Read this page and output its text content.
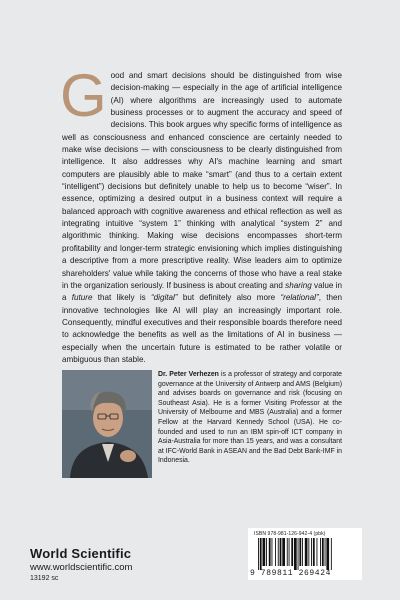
Good and smart decisions should be distinguished from wise decision-making — especially in the age of artificial intelligence (AI) where algorithms are increasingly used to automate business processes or to augment the accuracy and speed of decisions. This book argues why specific forms of intelligence as well as consciousness and enhanced conscience are certainly needed to make wise decisions — with consciousness to be clearly distinguished from intelligence. It also addresses why AI's machine learning and smart computers are plausibly able to make “smart” (and thus to a certain extent “intelligent”) decisions but definitely unable to help us to become “wiser”. In essence, optimizing a desired output in a business context will require a balanced approach with cognitive awareness and ethical reflection as well as integrating intuitive “system 1” thinking with analytical “system 2” and algorithmic thinking. Making wise decisions encompasses short-term profitability and longer-term strategic envisioning which implies distinguishing a descriptive from a more prescriptive reality. Wise leaders aim to optimize shareholders' value while taking the concerns of those who have a real stake in the organization seriously. If business is about creating and sharing value in a future that likely is “digital” but definitely also more “relational”, then innovative technologies like AI will play an increasingly important role. Consequently, mindful executives and their responsible boards therefore need to acknowledge the benefits as well as the limitations of AI in business — especially when the uncertain future is estimated to be rather volatile or ambiguous than stable.
Dr. Peter Verhezen is a professor of strategy and corporate governance at the University of Antwerp and AMS (Belgium) and advises boards on governance and risk (focusing on Southeast Asia). He is a former Visiting Professor at the University of Melbourne and MBS (Australia) and a former Fellow at the Harvard Kennedy School (USA). He co-founded and used to run an IBM spin-off ICT company in Asia-Australia for more than 15 years, and was a consultant at IFC-World Bank in ASEAN and the Bad Debt Bank-IMF in Indonesia.
World Scientific
www.worldscientific.com
13192 sc
ISBN 978-981-126-942-4 (pbk)
9 789811 269424
